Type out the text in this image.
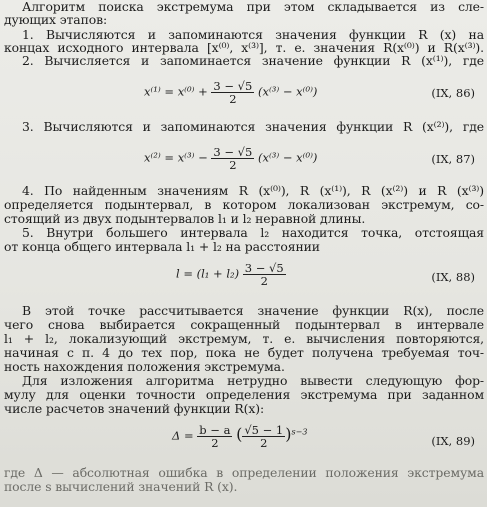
Алгоритм поиска экстремума при этом складывается из сле-
дующих этапов:
1. Вычисляются и запоминаются значения функции R (x) на
концах исходного интервала [x⁽⁰⁾, x⁽³⁾], т. е. значения R(x⁽⁰⁾) и R(x⁽³⁾).
2. Вычисляется и запоминается значение функции R (x⁽¹⁾), где
$x^{(1)} = x^{(0)} + \frac{3 - √5}{2} (x^{(3)} - x^{(0)})$	(IX, 86)
3. Вычисляются и запоминаются значения функции R (x⁽²⁾), где
$x^{(2)} = x^{(3)} - \frac{3 - √5}{2} (x^{(3)} - x^{(0)})$	(IX, 87)
4. По найденным значениям R (x⁽⁰⁾), R (x⁽¹⁾), R (x⁽²⁾) и R (x⁽³⁾)
определяется подынтервал, в котором локализован экстремум, со-
стоящий из двух подынтервалов l₁ и l₂ неравной длины.
5. Внутри большего интервала l₂ находится точка, отстоящая
от конца общего интервала l₁ + l₂ на расстоянии
$l = (l_1 + l_2) \frac{3 - √5}{2}$	(IX, 88)
В этой точке рассчитывается значение функции R(x), после
чего снова выбирается сокращенный подынтервал в интервале
l₁ + l₂, локализующий экстремум, т. е. вычисления повторяются,
начиная с п. 4 до тех пор, пока не будет получена требуемая точ-
ность нахождения положения экстремума.
Для изложения алгоритма нетрудно вывести следующую фор-
мулу для оценки точности определения экстремума при заданном
числе расчетов значений функции R(x):
$\Delta = \frac{b - a}{2}$ ( $\frac{√5 - 1}{2} )^{s-3}$
(IX, 89)
где Δ — абсолютная ошибка в определении положения экстремума
после s вычислений значений R (x).
